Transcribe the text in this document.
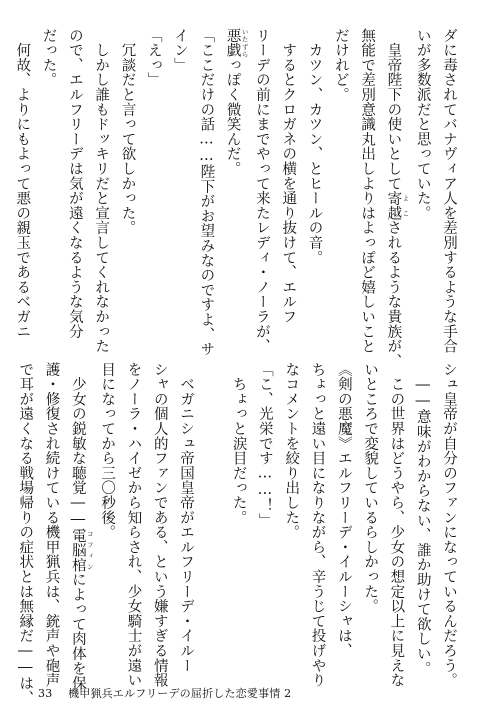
ダに毒されてバナヴィア人を差別するような手合
いが多数派だと思っていた。
　皇帝陛下の使いとして寄越 よこされるような貴族が、
無能で差別意識丸出しよりはよっぽど嬉しいこと
だけれど。
　カツン、カツン、とヒールの音。
　するとクロガネの横を通り抜けて、エルフ
リーデの前にまでやって来たレディ・ノーラが、
悪戯 いたずらっぽく微笑んだ。
「ここだけの話……陛下がお望みなのですよ、サ
イン」
「えっ」
　冗談だと言って欲しかった。
　しかし誰もドッキリだと宣言してくれなかった
ので、エルフリーデは気が遠くなるような気分
だった。
　何故、よりにもよって悪の親玉であるベガニ
シュ皇帝が自分のファンになっているんだろう。
　――意味がわからない、誰か助けて欲しい。
　この世界はどうやら、少女の想定以上に見えな
いところで変貌しているらしかった。
《剣の悪魔》エルフリーデ・イルーシャは、
ちょっと遠い目になりながら、辛うじて投げやり
なコメントを絞り出した。
「こ、光栄です……！」
　ちょっと涙目だった。

　ベガニシュ帝国皇帝がエルフリーデ・イルー
シャの個人的ファンである、という嫌すぎる情報
をノーラ・ハイゼから知らされ、少女騎士が遠い
目になってから三〇秒後。
　少女の鋭敏な聴覚――電脳棺 コフィンによって肉体を保
護・修復され続けている機甲猟兵は、銃声や砲声
で耳が遠くなる戦場帰りの症状とは無縁だ――は、 33 機甲猟兵エルフリーデの屈折した恋愛事情 2
